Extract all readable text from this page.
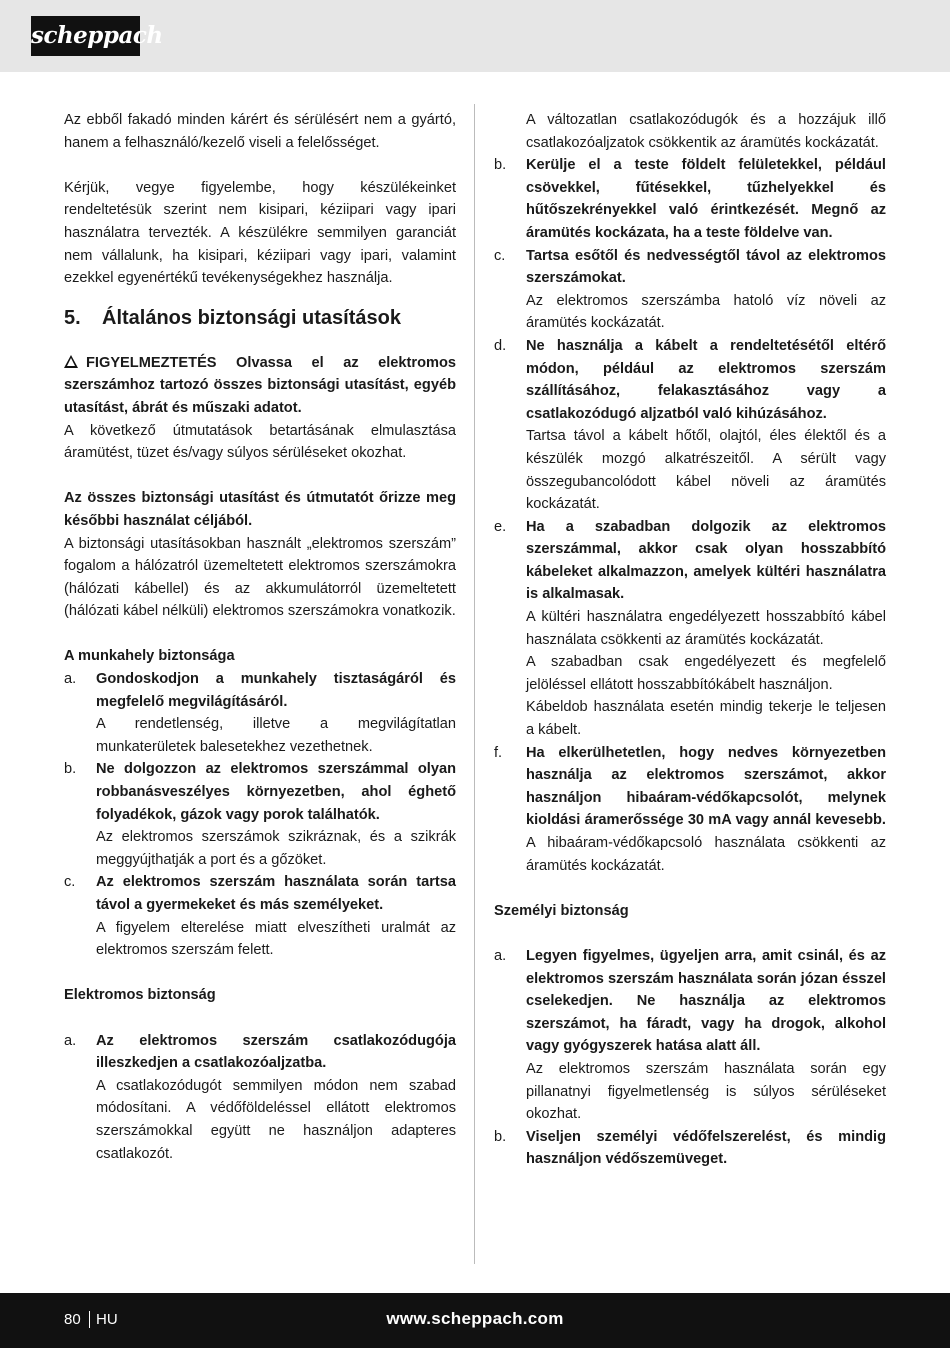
scheppach

Az ebből fakadó minden kárért és sérülésért nem a gyártó, hanem a felhasználó/kezelő viseli a felelősséget.

Kérjük, vegye figyelembe, hogy készülékeinket rendeltetésük szerint nem kisipari, kéziipari vagy ipari használatra tervezték. A készülékre semmilyen garanciát nem vállalunk, ha kisipari, kéziipari vagy ipari, valamint ezekkel egyenértékű tevékenységekhez használja.

5.	Általános biztonsági utasítások

FIGYELMEZTETÉS Olvassa el az elektromos szerszámhoz tartozó összes biztonsági utasítást, egyéb utasítást, ábrát és műszaki adatot.

A következő útmutatások betartásának elmulasztása áramütést, tüzet és/vagy súlyos sérüléseket okozhat.

Az összes biztonsági utasítást és útmutatót őrizze meg későbbi használat céljából.

A biztonsági utasításokban használt „elektromos szerszám” fogalom a hálózatról üzemeltetett elektromos szerszámokra (hálózati kábellel) és az akkumulátorról üzemeltetett (hálózati kábel nélküli) elektromos szerszámokra vonatkozik.

A munkahely biztonsága

a.	Gondoskodjon a munkahely tisztaságáról és megfelelő megvilágításáról.

A rendetlenség, illetve a megvilágítatlan munkaterületek balesetekhez vezethetnek.

b.	Ne dolgozzon az elektromos szerszámmal olyan robbanásveszélyes környezetben, ahol éghető folyadékok, gázok vagy porok találhatók.

Az elektromos szerszámok szikráznak, és a szikrák meggyújthatják a port és a gőzöket.

c.	Az elektromos szerszám használata során tartsa távol a gyermekeket és más személyeket.

A figyelem elterelése miatt elveszítheti uralmát az elektromos szerszám felett.

Elektromos biztonság

a.	Az elektromos szerszám csatlakozódugója illeszkedjen a csatlakozóaljzatba.

A csatlakozódugót semmilyen módon nem szabad módosítani. A védőföldeléssel ellátott elektromos szerszámokkal együtt ne használjon adapteres csatlakozót.

A változatlan csatlakozódugók és a hozzájuk illő csatlakozóaljzatok csökkentik az áramütés kockázatát.

b.	Kerülje el a teste földelt felületekkel, például csövekkel, fűtésekkel, tűzhelyekkel és hűtőszekrényekkel való érintkezését. Megnő az áramütés kockázata, ha a teste földelve van.

c.	Tartsa esőtől és nedvességtől távol az elektromos szerszámokat.

Az elektromos szerszámba hatoló víz növeli az áramütés kockázatát.

d.	Ne használja a kábelt a rendeltetésétől eltérő módon, például az elektromos szerszám szállításához, felakasztásához vagy a csatlakozódugó aljzatból való kihúzásához.

Tartsa távol a kábelt hőtől, olajtól, éles élektől és a készülék mozgó alkatrészeitől. A sérült vagy összegubancolódott kábel növeli az áramütés kockázatát.

e.	Ha a szabadban dolgozik az elektromos szerszámmal, akkor csak olyan hosszabbító kábeleket alkalmazzon, amelyek kültéri használatra is alkalmasak.

A kültéri használatra engedélyezett hosszabbító kábel használata csökkenti az áramütés kockázatát.

A szabadban csak engedélyezett és megfelelő jelöléssel ellátott hosszabbítókábelt használjon.

Kábeldob használata esetén mindig tekerje le teljesen a kábelt.

f.	Ha elkerülhetetlen, hogy nedves környezetben használja az elektromos szerszámot, akkor használjon hibaáram-védőkapcsolót, melynek kioldási áramerőssége 30 mA vagy annál kevesebb. A hibaáram-védőkapcsoló használata csökkenti az áramütés kockázatát.

Személyi biztonság

a.	Legyen figyelmes, ügyeljen arra, amit csinál, és az elektromos szerszám használata során józan ésszel cselekedjen. Ne használja az elektromos szerszámot, ha fáradt, vagy ha drogok, alkohol vagy gyógyszerek hatása alatt áll.

Az elektromos szerszám használata során egy pillanatnyi figyelmetlenség is súlyos sérüléseket okozhat.

b.	Viseljen személyi védőfelszerelést, és mindig használjon védőszemüveget.

80 HU	www.scheppach.com
